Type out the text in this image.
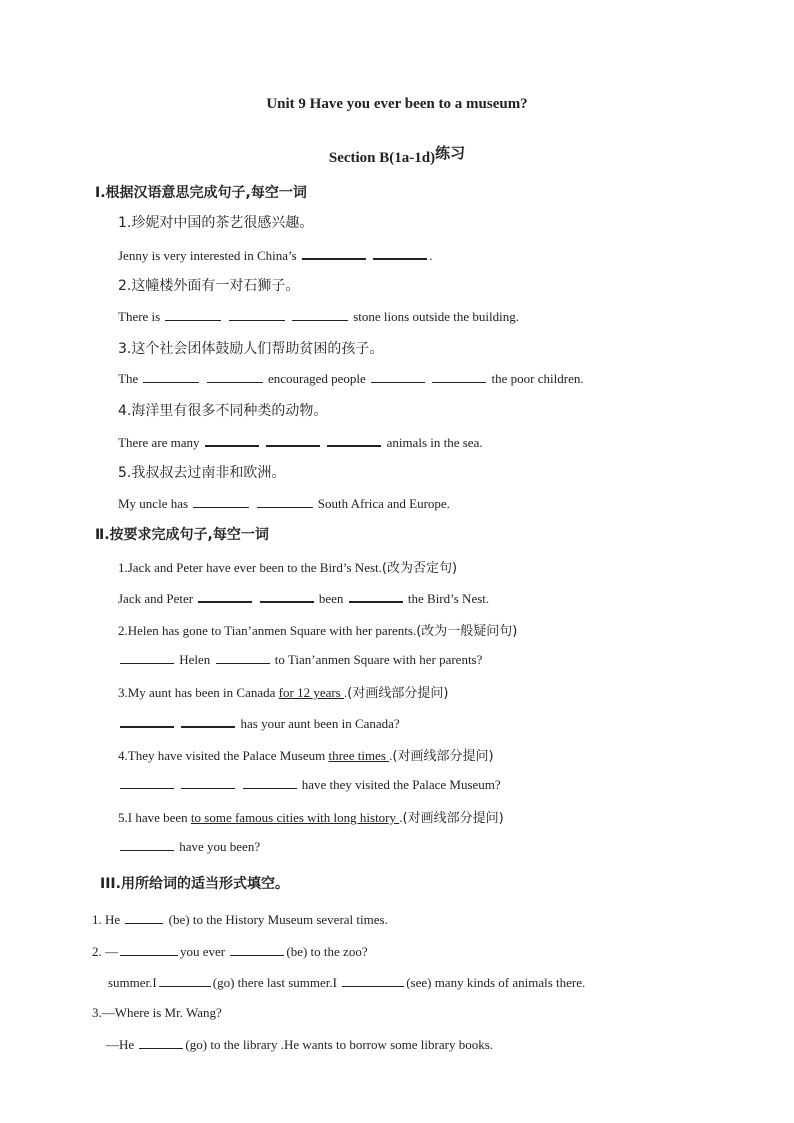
Unit 9 Have you ever been to a museum?
Section B(1a-1d)练习
Ⅰ.根据汉语意思完成句子,每空一词
1.珍妮对中国的茶艺很感兴趣。
Jenny is very interested in China’s	.
2.这幢楼外面有一对石狮子。
There is	stone lions outside the building.
3.这个社会团体鼓励人们帮助贫困的孩子。
The	encouraged people	the poor children.
4.海洋里有很多不同种类的动物。
There are many	animals in the sea.
5.我叔叔去过南非和欧洲。
My uncle has	South Africa and Europe.
Ⅱ.按要求完成句子,每空一词
1.Jack and Peter have ever been to the Bird’s Nest.(改为否定句)
Jack and Peter	been	the Bird’s Nest.
2.Helen has gone to Tian’anmen Square with her parents.(改为一般疑问句)
Helen	to Tian’anmen Square with her parents?
3.My aunt has been in Canada for 12 years .(对画线部分提问)
has your aunt been in Canada?
4.They have visited the Palace Museum three times .(对画线部分提问)
have they visited the Palace Museum?
5.I have been to some famous cities with long history .(对画线部分提问)
have you been?
III.用所给词的适当形式填空。
1. He	(be) to the History Museum several times.
2. —	you ever	(be) to the zoo?
summer.I	(go) there last summer.I	(see) many kinds of animals there.
3.—Where is Mr. Wang?
—He	(go) to the library .He wants to borrow some library books.
